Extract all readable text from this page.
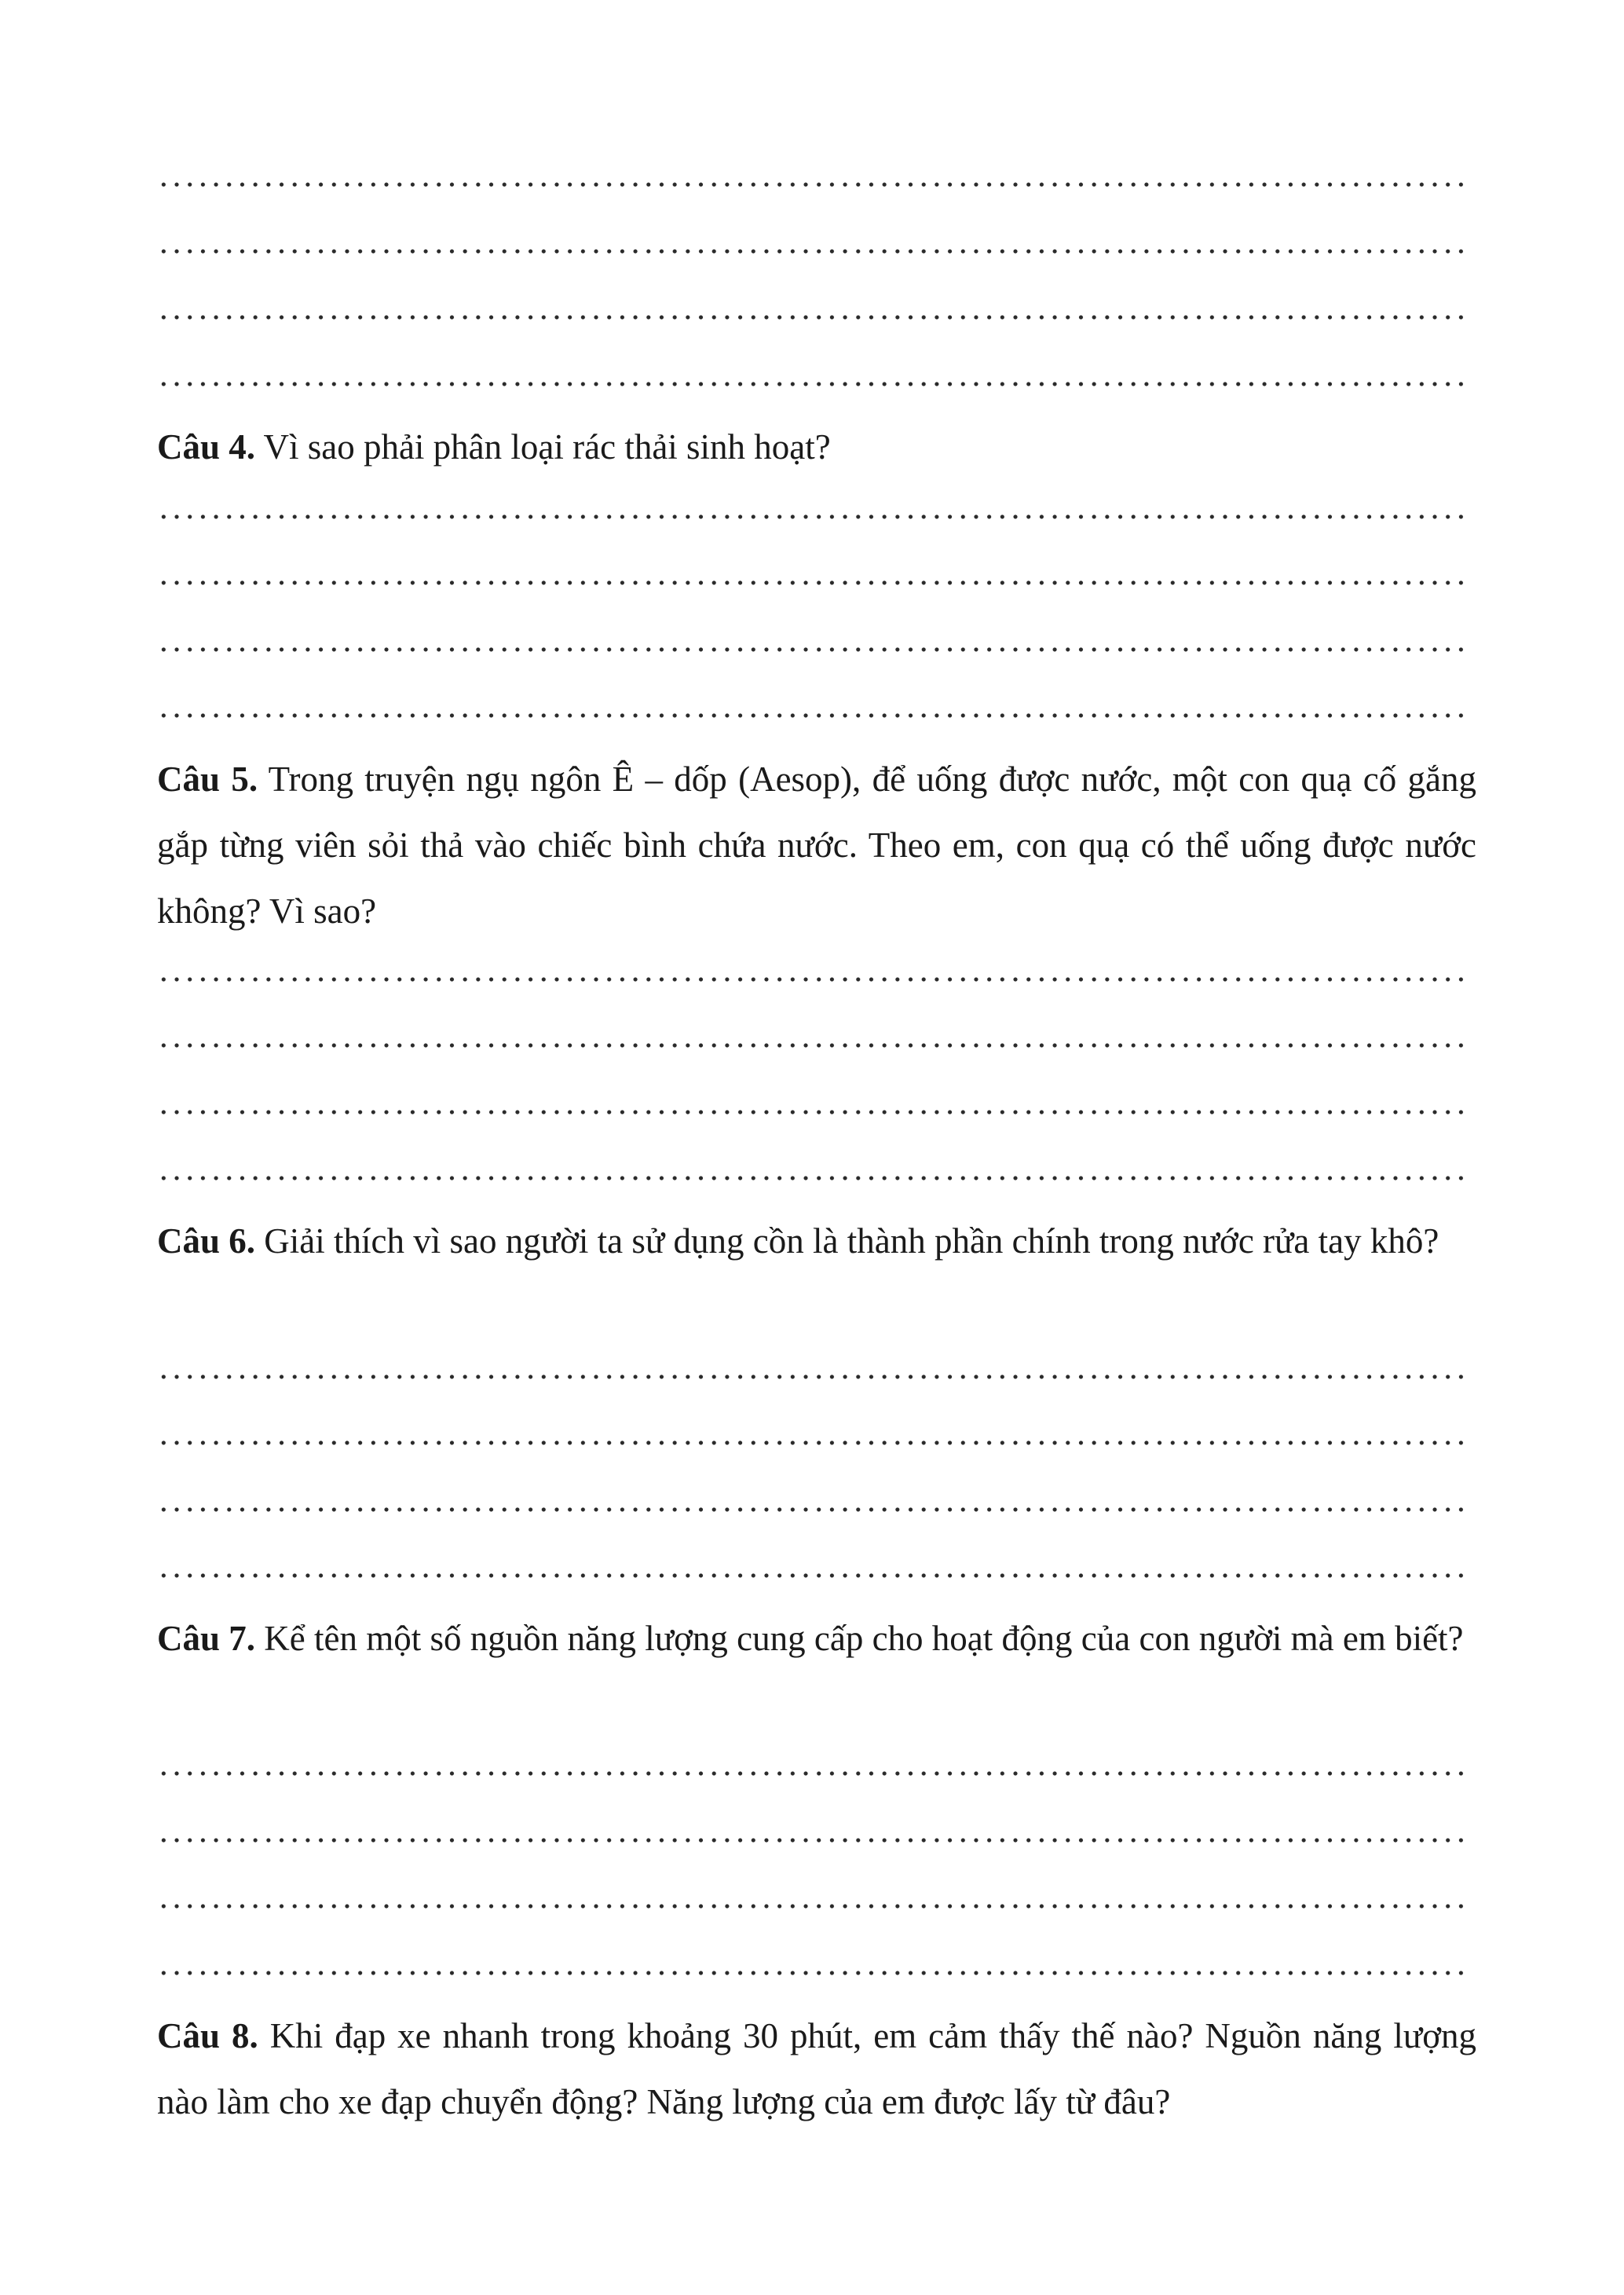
Câu 4. Vì sao phải phân loại rác thải sinh hoạt?

Câu 5. Trong truyện ngụ ngôn Ê – dốp (Aesop), để uống được nước, một con quạ cố gắng gắp từng viên sỏi thả vào chiếc bình chứa nước. Theo em, con quạ có thể uống được nước không? Vì sao?

Câu 6. Giải thích vì sao người ta sử dụng cồn là thành phần chính trong nước rửa tay khô?

Câu 7. Kể tên một số nguồn năng lượng cung cấp cho hoạt động của con người mà em biết?

Câu 8. Khi đạp xe nhanh trong khoảng 30 phút, em cảm thấy thế nào? Nguồn năng lượng nào làm cho xe đạp chuyển động? Năng lượng của em được lấy từ đâu?
